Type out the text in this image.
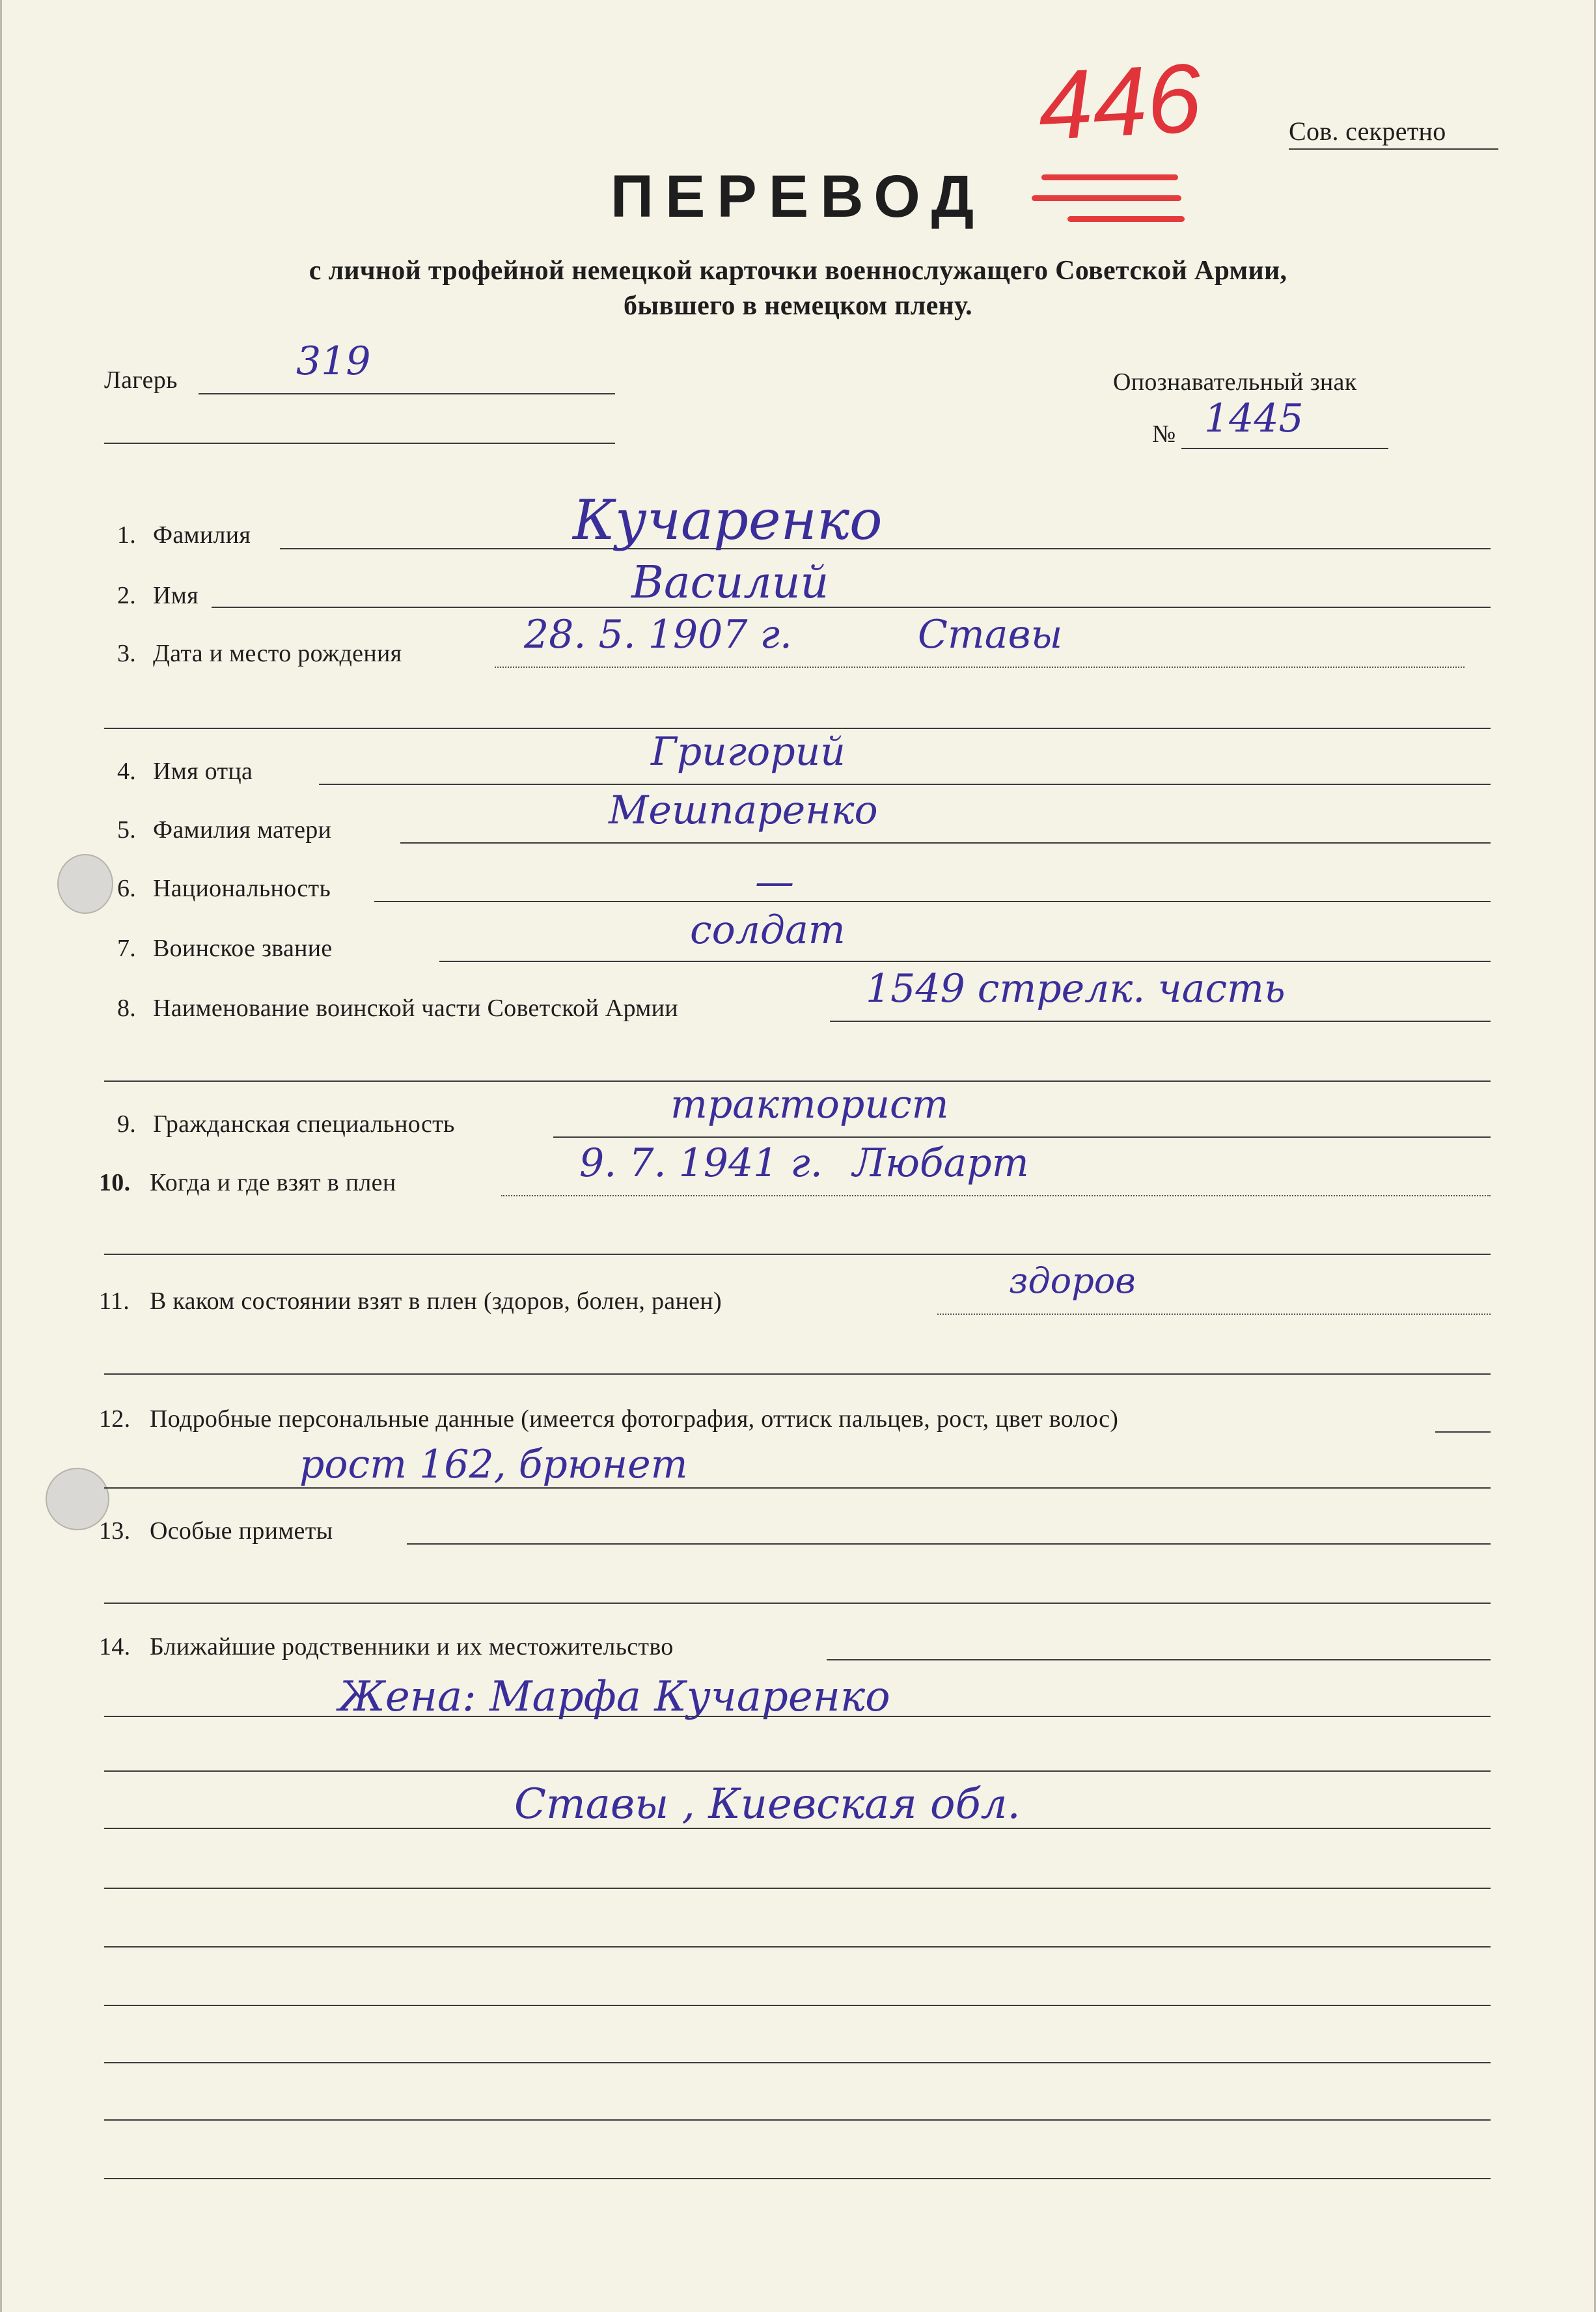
446	Сов. секретно
ПЕРЕВОД
с личной трофейной немецкой карточки военнослужащего Советской Армии,
бывшего в немецком плену.
Лагерь	319	Опознавательный знак
№ 1445
1. Фамилия	Кучаренко
2. Имя	Василий
3. Дата и место рождения	28. 5. 1907 г.	Ставы
4. Имя отца	Григорий
5. Фамилия матери	Мешпаренко
6. Национальность	—
7. Воинское звание	солдат
8. Наименование воинской части Советской Армии	1549 стрелк. часть
9. Гражданская специальность	тракторист
10. Когда и где взят в плен	9. 7. 1941 г. Любарт
11. В каком состоянии взят в плен (здоров, болен, ранен)	здоров
12. Подробные персональные данные (имеется фотография, оттиск пальцев, рост, цвет волос)
рост 162, брюнет
13. Особые приметы
14. Ближайшие родственники и их местожительство
Жена: Марфа Кучаренко
Ставы , Киевская обл.
